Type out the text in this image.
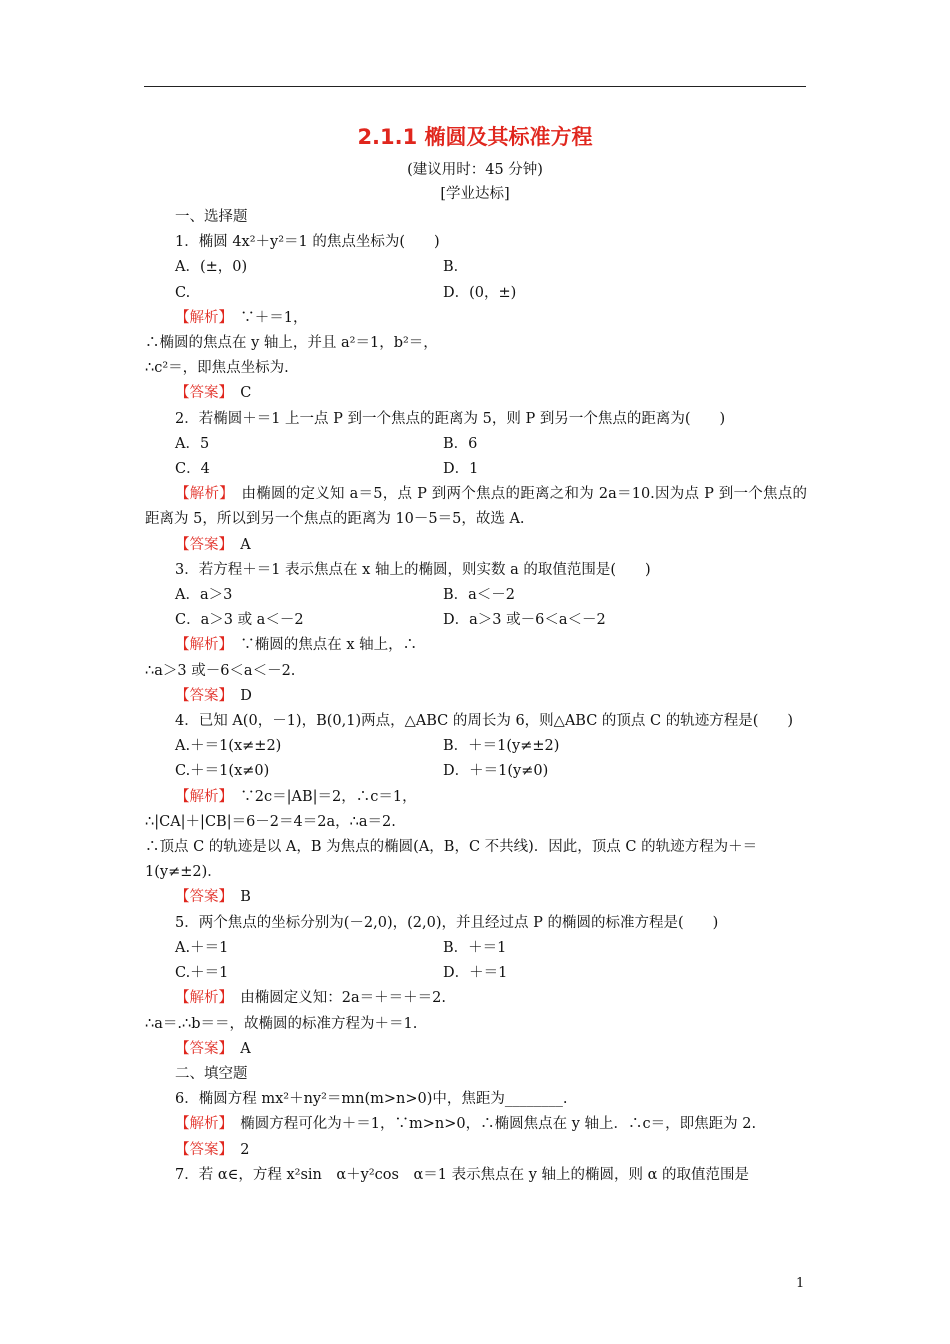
2.1.1 椭圆及其标准方程
(建议用时：45 分钟)
[学业达标]
一、选择题
1．椭圆 4x²＋y²＝1 的焦点坐标为(　　)
A．(±，0)	B．
C.	D．(0，±)
【解析】　∵＋＝1，
∴椭圆的焦点在 y 轴上，并且 a²＝1，b²＝，
∴c²＝，即焦点坐标为.
【答案】　C
2．若椭圆＋＝1 上一点 P 到一个焦点的距离为 5，则 P 到另一个焦点的距离为(　　)
A．5	B．6
C．4	D．1
【解析】　由椭圆的定义知 a＝5，点 P 到两个焦点的距离之和为 2a＝10.因为点 P 到一个焦点的距离为 5，所以到另一个焦点的距离为 10－5＝5，故选 A.
【答案】　A
3．若方程＋＝1 表示焦点在 x 轴上的椭圆，则实数 a 的取值范围是(　　)
A．a＞3	B．a＜－2
C．a＞3 或 a＜－2	D．a＞3 或－6＜a＜－2
【解析】　∵椭圆的焦点在 x 轴上，∴
∴a＞3 或－6＜a＜－2.
【答案】　D
4．已知 A(0，－1)，B(0,1)两点，△ABC 的周长为 6，则△ABC 的顶点 C 的轨迹方程是(　　)
A.＋＝1(x≠±2)	B．＋＝1(y≠±2)
C.＋＝1(x≠0)	D．＋＝1(y≠0)
【解析】　∵2c＝|AB|＝2，∴c＝1，
∴|CA|＋|CB|＝6－2＝4＝2a，∴a＝2.
∴顶点 C 的轨迹是以 A，B 为焦点的椭圆(A，B，C 不共线)．因此，顶点 C 的轨迹方程为＋＝1(y≠±2)．
【答案】　B
5．两个焦点的坐标分别为(－2,0)，(2,0)，并且经过点 P 的椭圆的标准方程是(　　)
A.＋＝1	B．＋＝1
C.＋＝1	D．＋＝1
【解析】　由椭圆定义知：2a＝＋＝＋＝2.
∴a＝.∴b＝＝，故椭圆的标准方程为＋＝1.
【答案】　A
二、填空题
6．椭圆方程 mx²＋ny²＝mn(m>n>0)中，焦距为________.
【解析】　椭圆方程可化为＋＝1，∵m>n>0，∴椭圆焦点在 y 轴上．∴c＝，即焦距为 2.
【答案】　2
7．若 α∈，方程 x²sin　α＋y²cos　α＝1 表示焦点在 y 轴上的椭圆，则 α 的取值范围是
1
